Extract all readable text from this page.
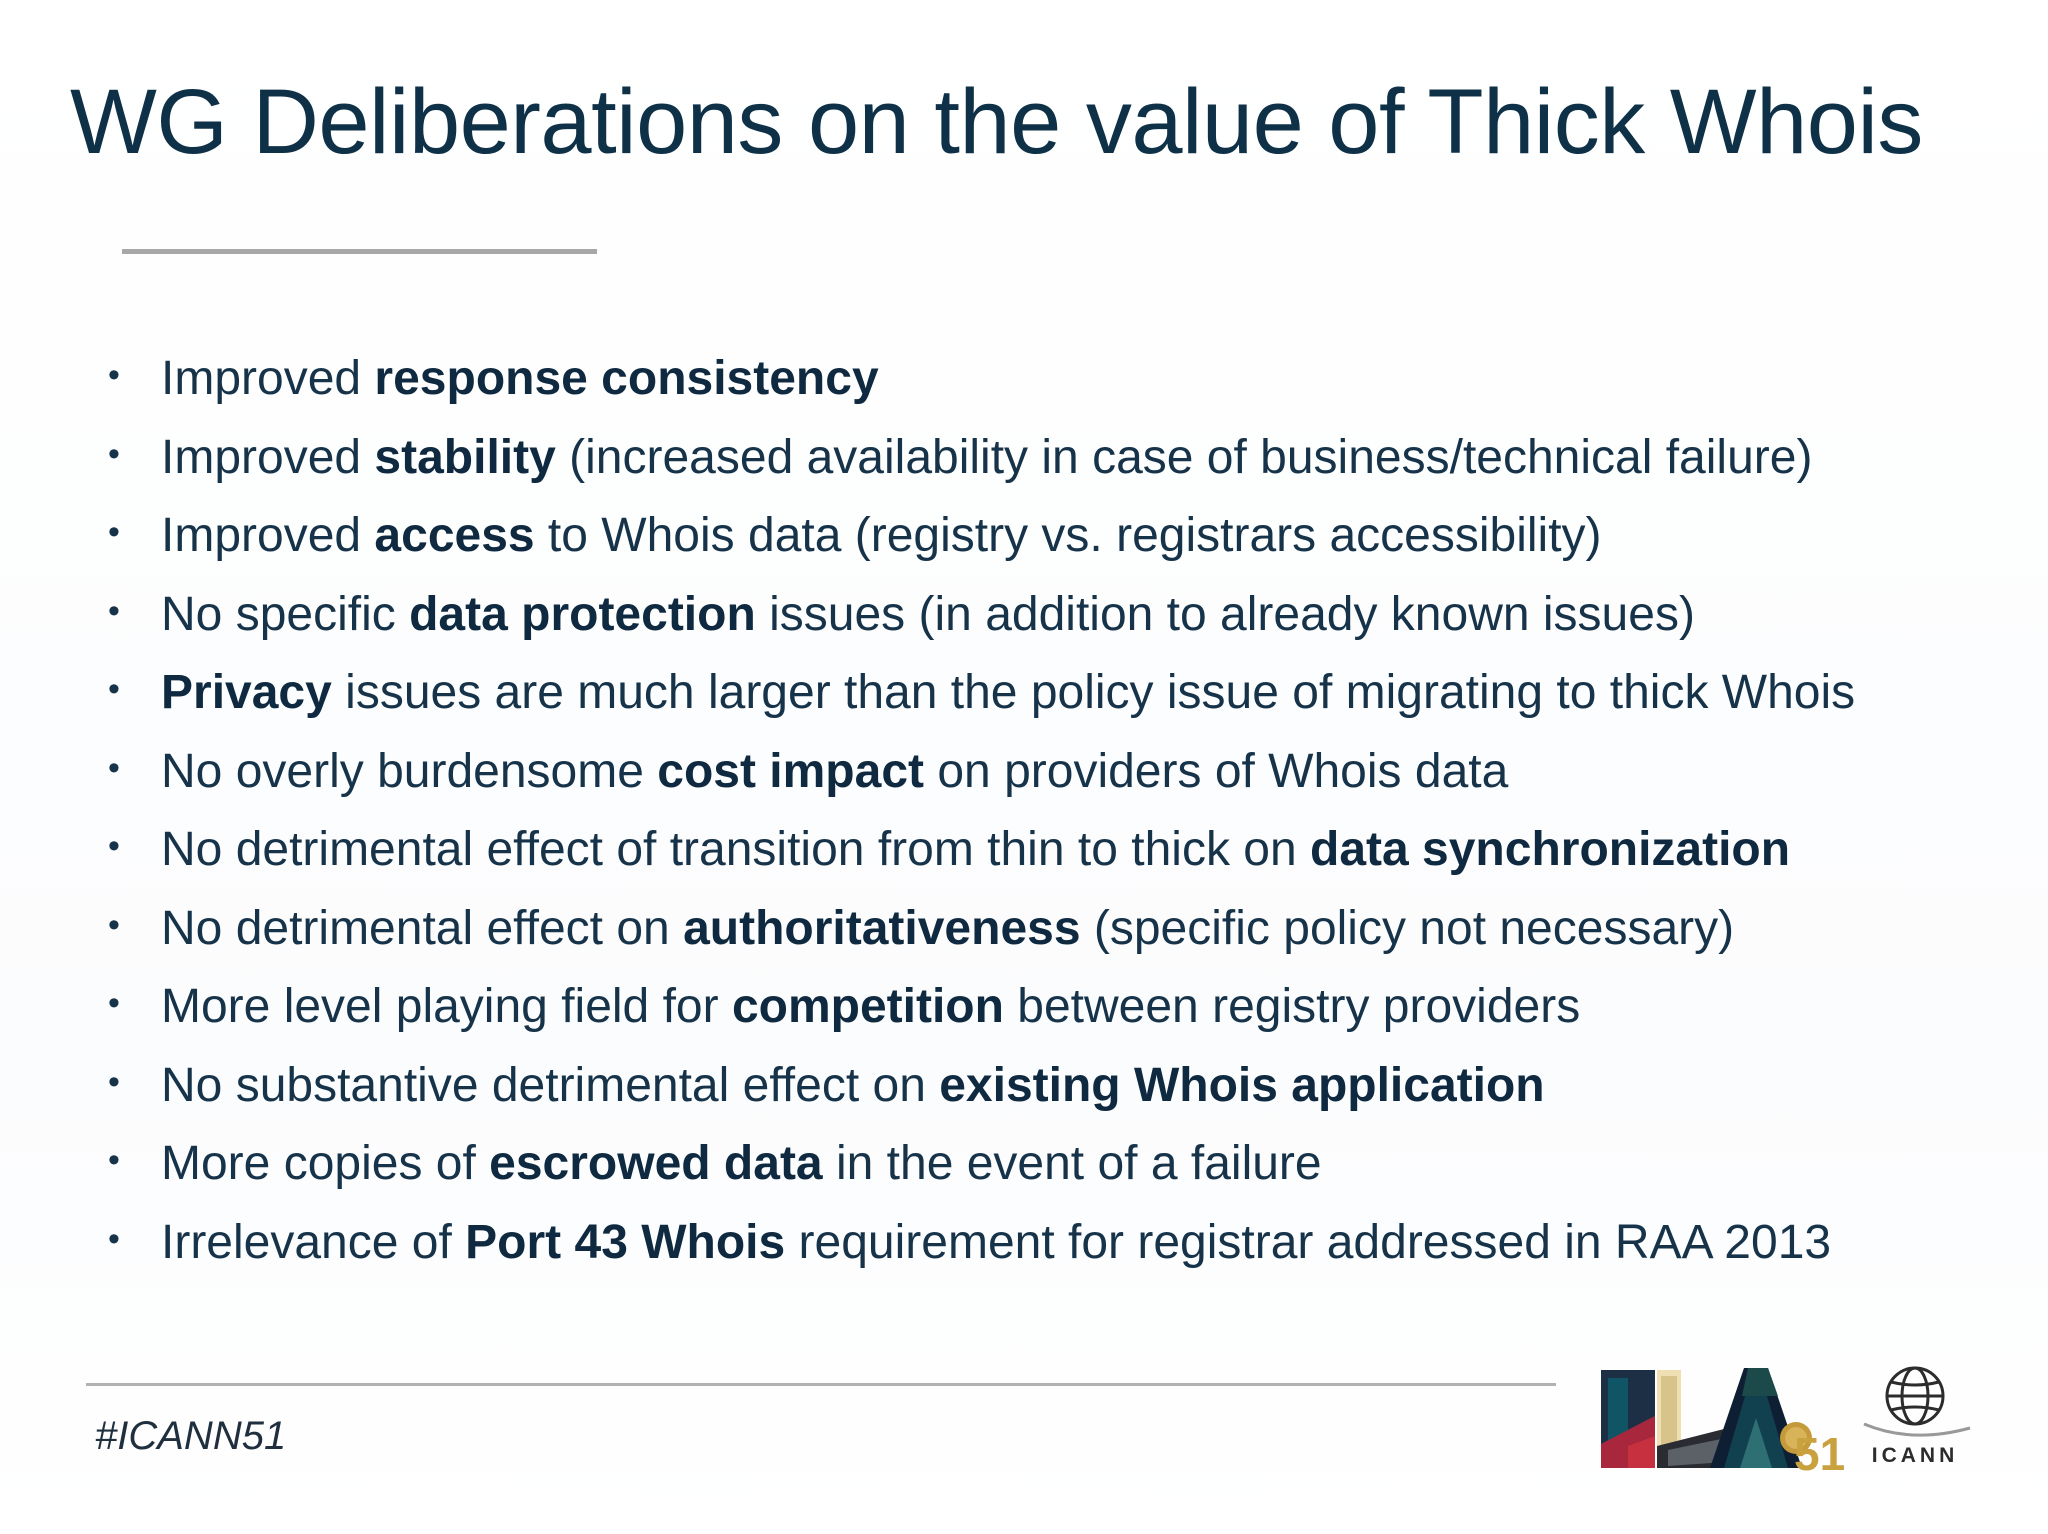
WG Deliberations on the value of Thick Whois
• Improved response consistency
• Improved stability (increased availability in case of business/technical failure)
• Improved access to Whois data (registry vs. registrars accessibility)
• No specific data protection issues (in addition to already known issues)
• Privacy issues are much larger than the policy issue of migrating to thick Whois
• No overly burdensome cost impact on providers of Whois data
• No detrimental effect of transition from thin to thick on data synchronization
• No detrimental effect on authoritativeness (specific policy not necessary)
• More level playing field for competition between registry providers
• No substantive detrimental effect on existing Whois application
• More copies of escrowed data in the event of a failure
• Irrelevance of Port 43 Whois requirement for registrar addressed in RAA 2013
#ICANN51	51 ICANN
